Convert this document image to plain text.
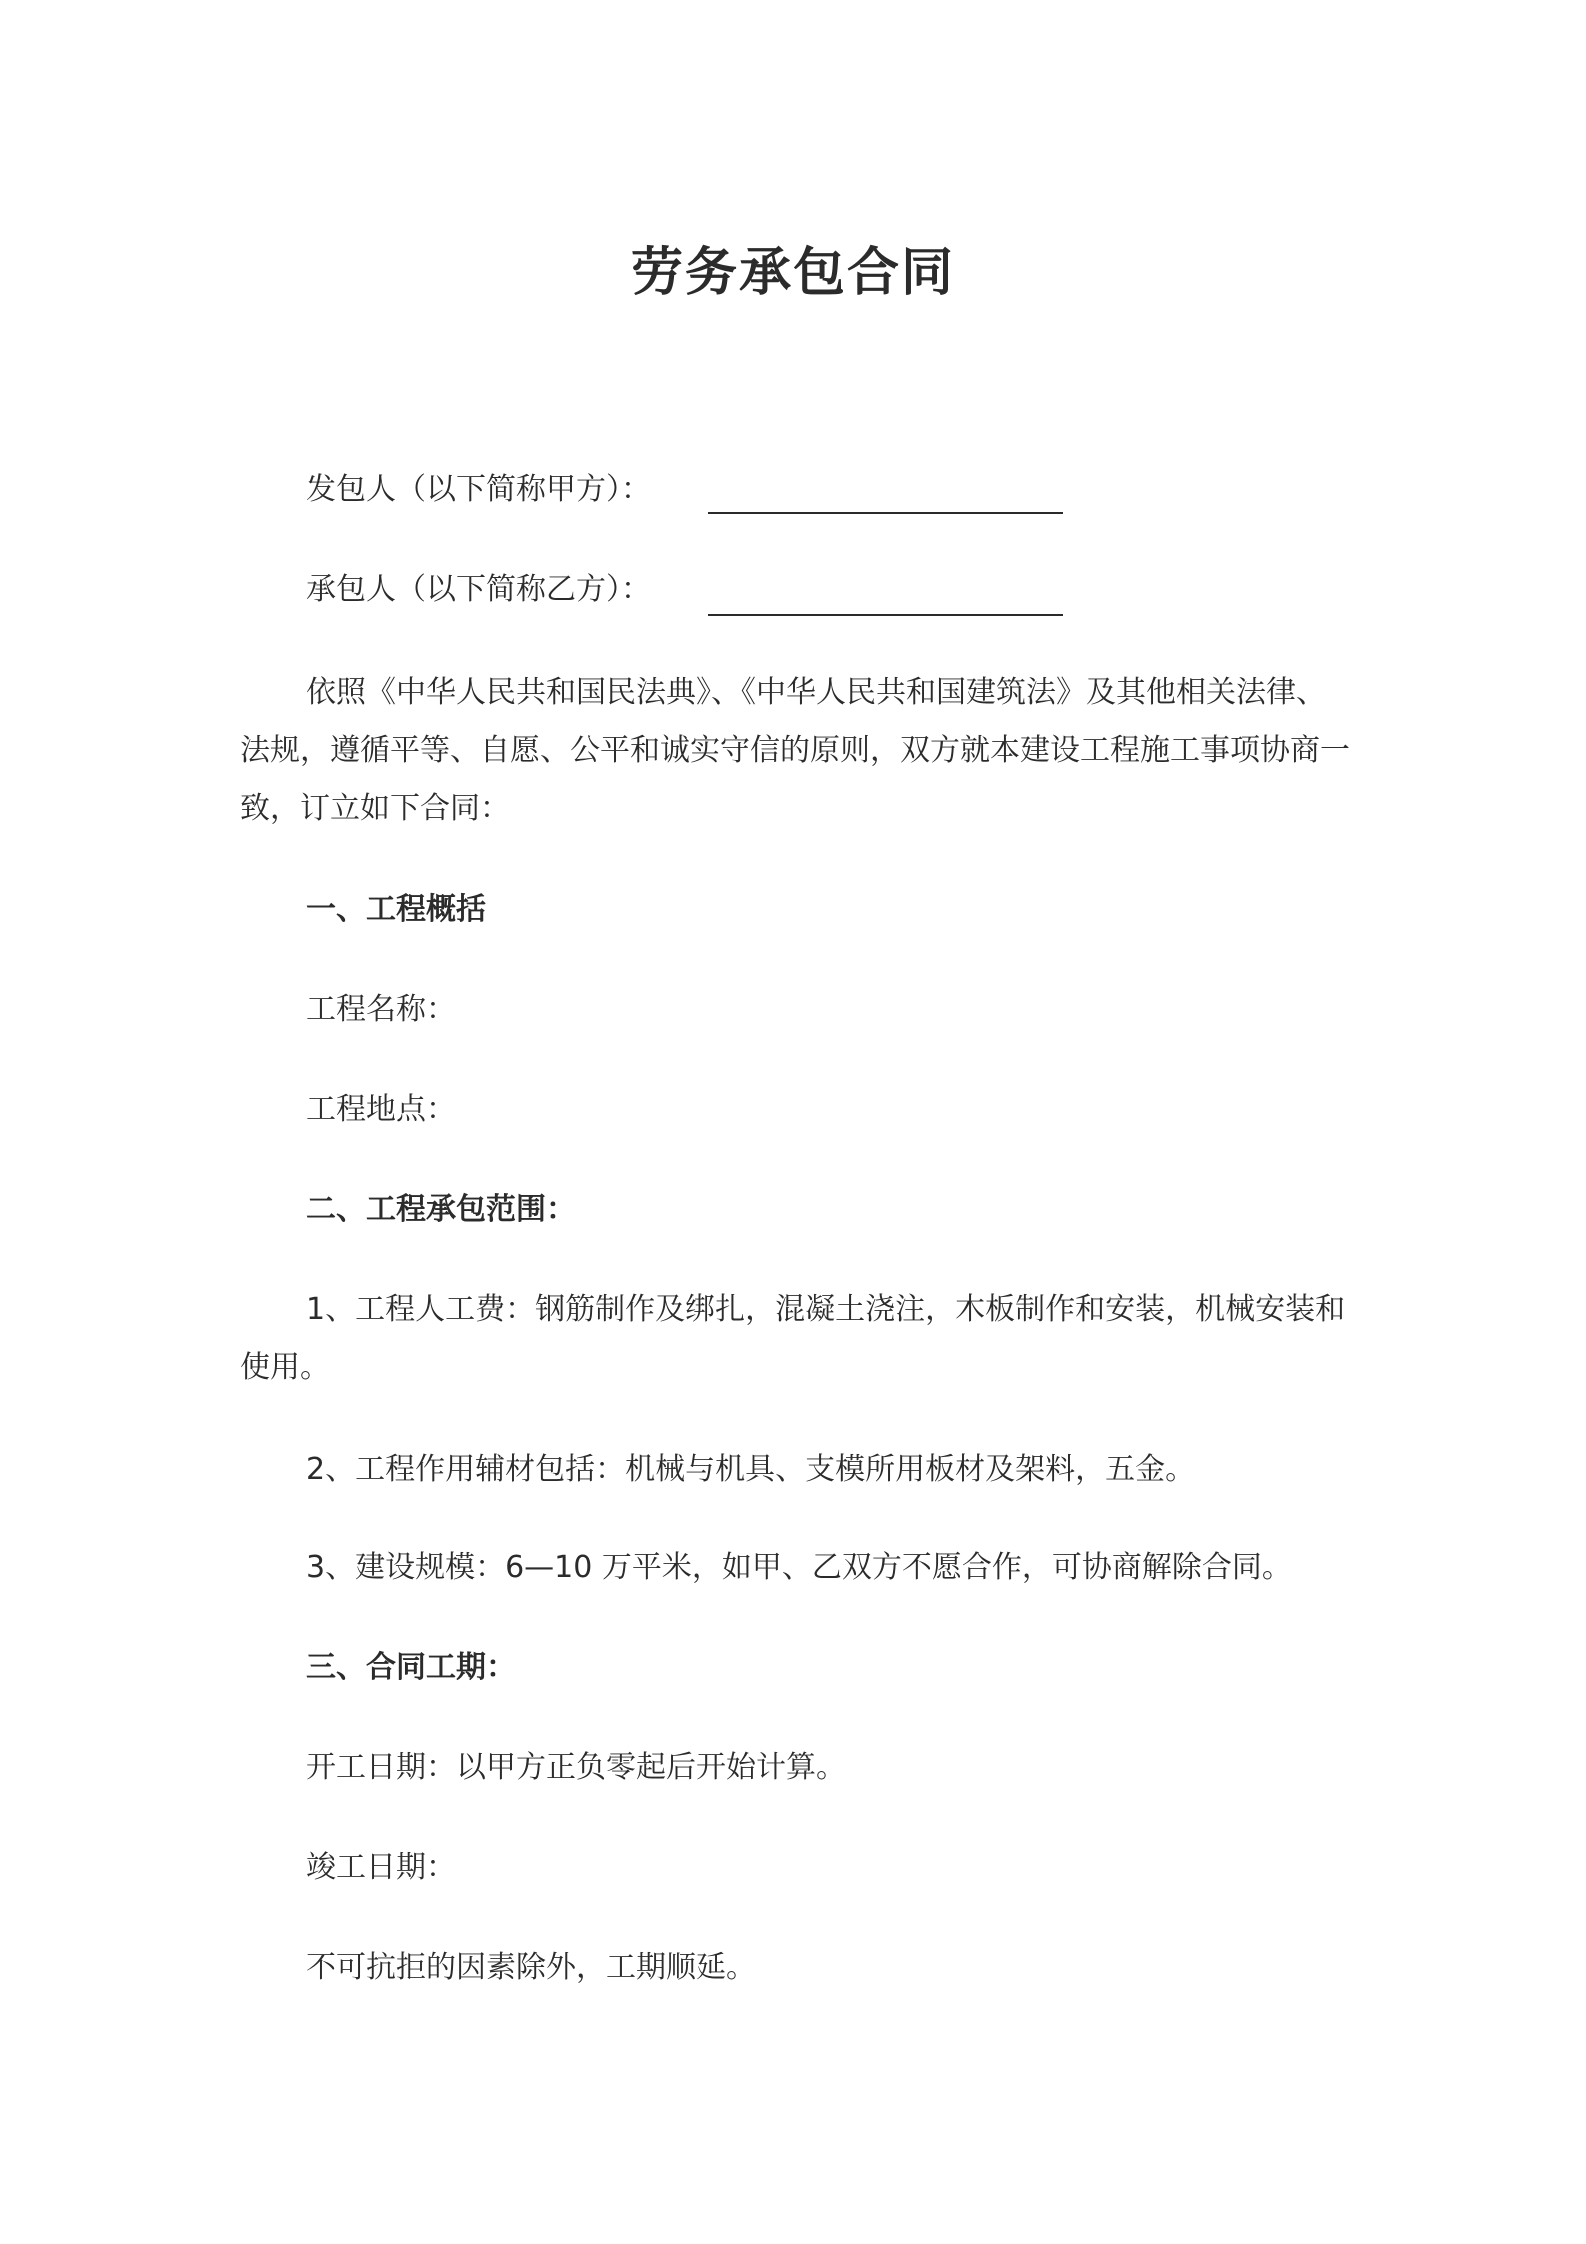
劳务承包合同
发包人（以下简称甲方）：
承包人（以下简称乙方）：
依照《中华人民共和国民法典》、《中华人民共和国建筑法》及其他相关法律、法规，遵循平等、自愿、公平和诚实守信的原则，双方就本建设工程施工事项协商一致，订立如下合同：
一、工程概括
工程名称：
工程地点：
二、工程承包范围：
1、工程人工费：钢筋制作及绑扎，混凝土浇注，木板制作和安装，机械安装和使用。
2、工程作用辅材包括：机械与机具、支模所用板材及架料，五金。
3、建设规模：6—10 万平米，如甲、乙双方不愿合作，可协商解除合同。
三、合同工期：
开工日期：以甲方正负零起后开始计算。
竣工日期：
不可抗拒的因素除外，工期顺延。
